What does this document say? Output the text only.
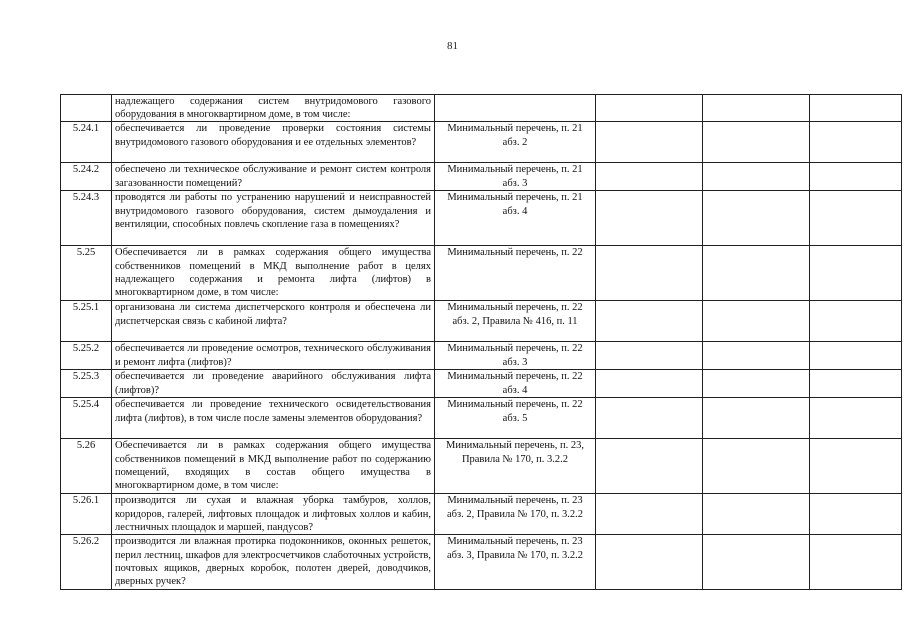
81
	надлежащего содержания систем внутридомового газового оборудования в многоквартирном доме, в том числе:				
5.24.1	обеспечивается ли проведение проверки состояния системы внутридомового газового оборудования и ее отдельных элементов?	Минимальный перечень, п. 21 абз. 2			
5.24.2	обеспечено ли техническое обслуживание и ремонт систем контроля загазованности помещений?	Минимальный перечень, п. 21 абз. 3			
5.24.3	проводятся ли работы по устранению нарушений и неисправностей внутридомового газового оборудования, систем дымоудаления и вентиляции, способных повлечь скопление газа в помещениях?	Минимальный перечень, п. 21 абз. 4			
5.25	Обеспечивается ли в рамках содержания общего имущества собственников помещений в МКД выполнение работ в целях надлежащего содержания и ремонта лифта (лифтов) в многоквартирном доме, в том числе:	Минимальный перечень, п. 22			
5.25.1	организована ли система диспетчерского контроля и обеспечена ли диспетчерская связь с кабиной лифта?	Минимальный перечень, п. 22 абз. 2, Правила № 416, п. 11			
5.25.2	обеспечивается ли проведение осмотров, технического обслуживания и ремонт лифта (лифтов)?	Минимальный перечень, п. 22 абз. 3			
5.25.3	обеспечивается ли проведение аварийного обслуживания лифта (лифтов)?	Минимальный перечень, п. 22 абз. 4			
5.25.4	обеспечивается ли проведение технического освидетельствования лифта (лифтов), в том числе после замены элементов оборудования?	Минимальный перечень, п. 22 абз. 5			
5.26	Обеспечивается ли в рамках содержания общего имущества собственников помещений в МКД выполнение работ по содержанию помещений, входящих в состав общего имущества в многоквартирном доме, в том числе:	Минимальный перечень, п. 23, Правила № 170, п. 3.2.2			
5.26.1	производится ли сухая и влажная уборка тамбуров, холлов, коридоров, галерей, лифтовых площадок и лифтовых холлов и кабин, лестничных площадок и маршей, пандусов?	Минимальный перечень, п. 23 абз. 2, Правила № 170, п. 3.2.2			
5.26.2	производится ли влажная протирка подоконников, оконных решеток, перил лестниц, шкафов для электросчетчиков слаботочных устройств, почтовых ящиков, дверных коробок, полотен дверей, доводчиков, дверных ручек?	Минимальный перечень, п. 23 абз. 3, Правила № 170, п. 3.2.2			
